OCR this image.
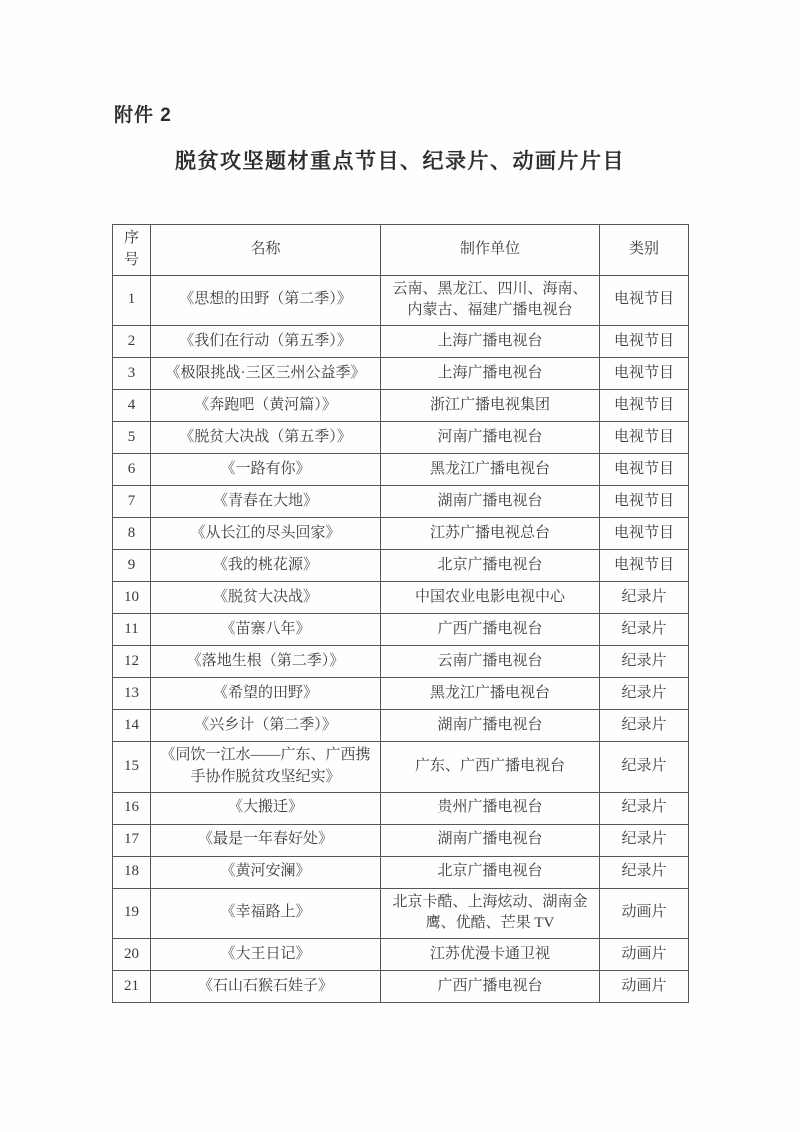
附件 2
脱贫攻坚题材重点节目、纪录片、动画片片目
序号	名称	制作单位	类别
1	《思想的田野（第二季）》	云南、黑龙江、四川、海南、内蒙古、福建广播电视台	电视节目
2	《我们在行动（第五季）》	上海广播电视台	电视节目
3	《极限挑战·三区三州公益季》	上海广播电视台	电视节目
4	《奔跑吧（黄河篇）》	浙江广播电视集团	电视节目
5	《脱贫大决战（第五季）》	河南广播电视台	电视节目
6	《一路有你》	黑龙江广播电视台	电视节目
7	《青春在大地》	湖南广播电视台	电视节目
8	《从长江的尽头回家》	江苏广播电视总台	电视节目
9	《我的桃花源》	北京广播电视台	电视节目
10	《脱贫大决战》	中国农业电影电视中心	纪录片
11	《苗寨八年》	广西广播电视台	纪录片
12	《落地生根（第二季）》	云南广播电视台	纪录片
13	《希望的田野》	黑龙江广播电视台	纪录片
14	《兴乡计（第二季）》	湖南广播电视台	纪录片
15	《同饮一江水——广东、广西携手协作脱贫攻坚纪实》	广东、广西广播电视台	纪录片
16	《大搬迁》	贵州广播电视台	纪录片
17	《最是一年春好处》	湖南广播电视台	纪录片
18	《黄河安澜》	北京广播电视台	纪录片
19	《幸福路上》	北京卡酷、上海炫动、湖南金鹰、优酷、芒果 TV	动画片
20	《大王日记》	江苏优漫卡通卫视	动画片
21	《石山石猴石娃子》	广西广播电视台	动画片
